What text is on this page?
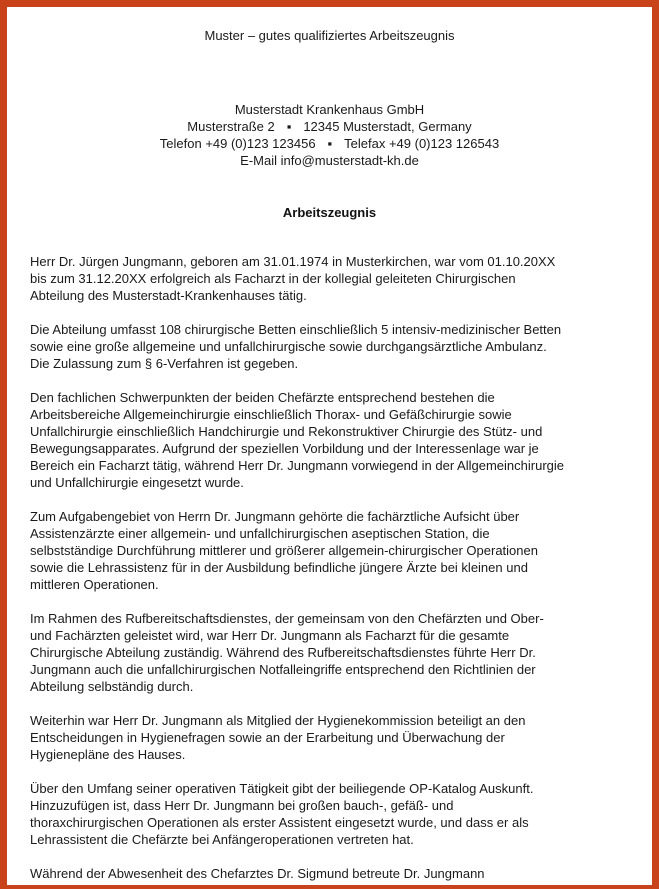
Muster – gutes qualifiziertes Arbeitszeugnis
Musterstadt Krankenhaus GmbH
Musterstraße 2 ▪ 12345 Musterstadt, Germany
Telefon +49 (0)123 123456 ▪ Telefax +49 (0)123 126543
E-Mail info@musterstadt-kh.de
Arbeitszeugnis
Herr Dr. Jürgen Jungmann, geboren am 31.01.1974 in Musterkirchen, war vom 01.10.20XX
bis zum 31.12.20XX erfolgreich als Facharzt in der kollegial geleiteten Chirurgischen
Abteilung des Musterstadt-Krankenhauses tätig.
Die Abteilung umfasst 108 chirurgische Betten einschließlich 5 intensiv-medizinischer Betten
sowie eine große allgemeine und unfallchirurgische sowie durchgangsärztliche Ambulanz.
Die Zulassung zum § 6-Verfahren ist gegeben.
Den fachlichen Schwerpunkten der beiden Chefärzte entsprechend bestehen die
Arbeitsbereiche Allgemeinchirurgie einschließlich Thorax- und Gefäßchirurgie sowie
Unfallchirurgie einschließlich Handchirurgie und Rekonstruktiver Chirurgie des Stütz- und
Bewegungsapparates. Aufgrund der speziellen Vorbildung und der Interessenlage war je
Bereich ein Facharzt tätig, während Herr Dr. Jungmann vorwiegend in der Allgemeinchirurgie
und Unfallchirurgie eingesetzt wurde.
Zum Aufgabengebiet von Herrn Dr. Jungmann gehörte die fachärztliche Aufsicht über
Assistenzärzte einer allgemein- und unfallchirurgischen aseptischen Station, die
selbstständige Durchführung mittlerer und größerer allgemein-chirurgischer Operationen
sowie die Lehrassistenz für in der Ausbildung befindliche jüngere Ärzte bei kleinen und
mittleren Operationen.
Im Rahmen des Rufbereitschaftsdienstes, der gemeinsam von den Chefärzten und Ober-
und Fachärzten geleistet wird, war Herr Dr. Jungmann als Facharzt für die gesamte
Chirurgische Abteilung zuständig. Während des Rufbereitschaftsdienstes führte Herr Dr.
Jungmann auch die unfallchirurgischen Notfalleingriffe entsprechend den Richtlinien der
Abteilung selbständig durch.
Weiterhin war Herr Dr. Jungmann als Mitglied der Hygienekommission beteiligt an den
Entscheidungen in Hygienefragen sowie an der Erarbeitung und Überwachung der
Hygienepläne des Hauses.
Über den Umfang seiner operativen Tätigkeit gibt der beiliegende OP-Katalog Auskunft.
Hinzuzufügen ist, dass Herr Dr. Jungmann bei großen bauch-, gefäß- und
thoraxchirurgischen Operationen als erster Assistent eingesetzt wurde, und dass er als
Lehrassistent die Chefärzte bei Anfängeroperationen vertreten hat.
Während der Abwesenheit des Chefarztes Dr. Sigmund betreute Dr. Jungmann
